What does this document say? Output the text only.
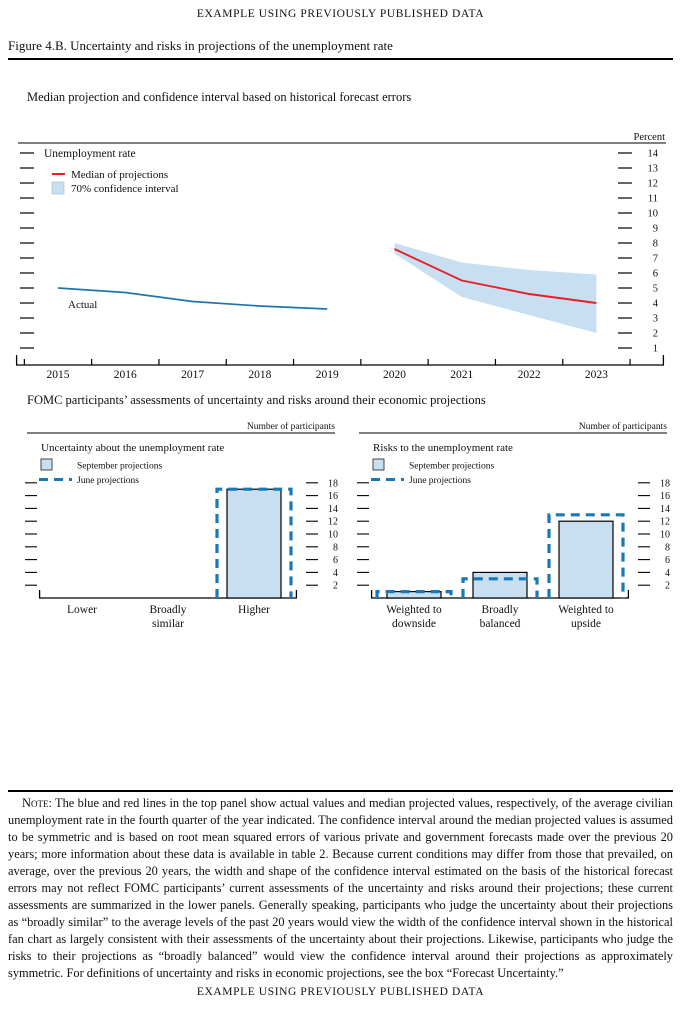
EXAMPLE USING PREVIOUSLY PUBLISHED DATA
Figure 4.B. Uncertainty and risks in projections of the unemployment rate
Median projection and confidence interval based on historical forecast errors
Percent
1
2
3
4
5
6
7
8
9
10
11
12
13
14
Unemployment rate
Median of projections
70% confidence interval
Actual
2015	2016	2017	2018	2019	2020	2021	2022	2023
FOMC participants’ assessments of uncertainty and risks around their economic projections
Number of participants
Uncertainty about the unemployment rate
September projections
June projections
2
4
6
8
10
12
14
16
18
Lower	Broadly
similar
Higher
Number of participants
Risks to the unemployment rate
September projections
June projections
2
4
6
8
10
12
14
16
18
Weighted to
downside
Broadly
balanced
Weighted to
upside
Note: The blue and red lines in the top panel show actual values and median projected values, respectively, of the average civilian unemployment rate in the fourth quarter of the year indicated. The confidence interval around the median projected values is assumed to be symmetric and is based on root mean squared errors of various private and government forecasts made over the previous 20 years; more information about these data is available in table 2. Because current conditions may differ from those that prevailed, on average, over the previous 20 years, the width and shape of the confidence interval estimated on the basis of the historical forecast errors may not reflect FOMC participants’ current assessments of the uncertainty and risks around their projections; these current assessments are summarized in the lower panels. Generally speaking, participants who judge the uncertainty about their projections as “broadly similar” to the average levels of the past 20 years would view the width of the confidence interval shown in the historical fan chart as largely consistent with their assessments of the uncertainty about their projections. Likewise, participants who judge the risks to their projections as “broadly balanced” would view the confidence interval around their projections as approximately symmetric. For definitions of uncertainty and risks in economic projections, see the box “Forecast Uncertainty.”
EXAMPLE USING PREVIOUSLY PUBLISHED DATA
